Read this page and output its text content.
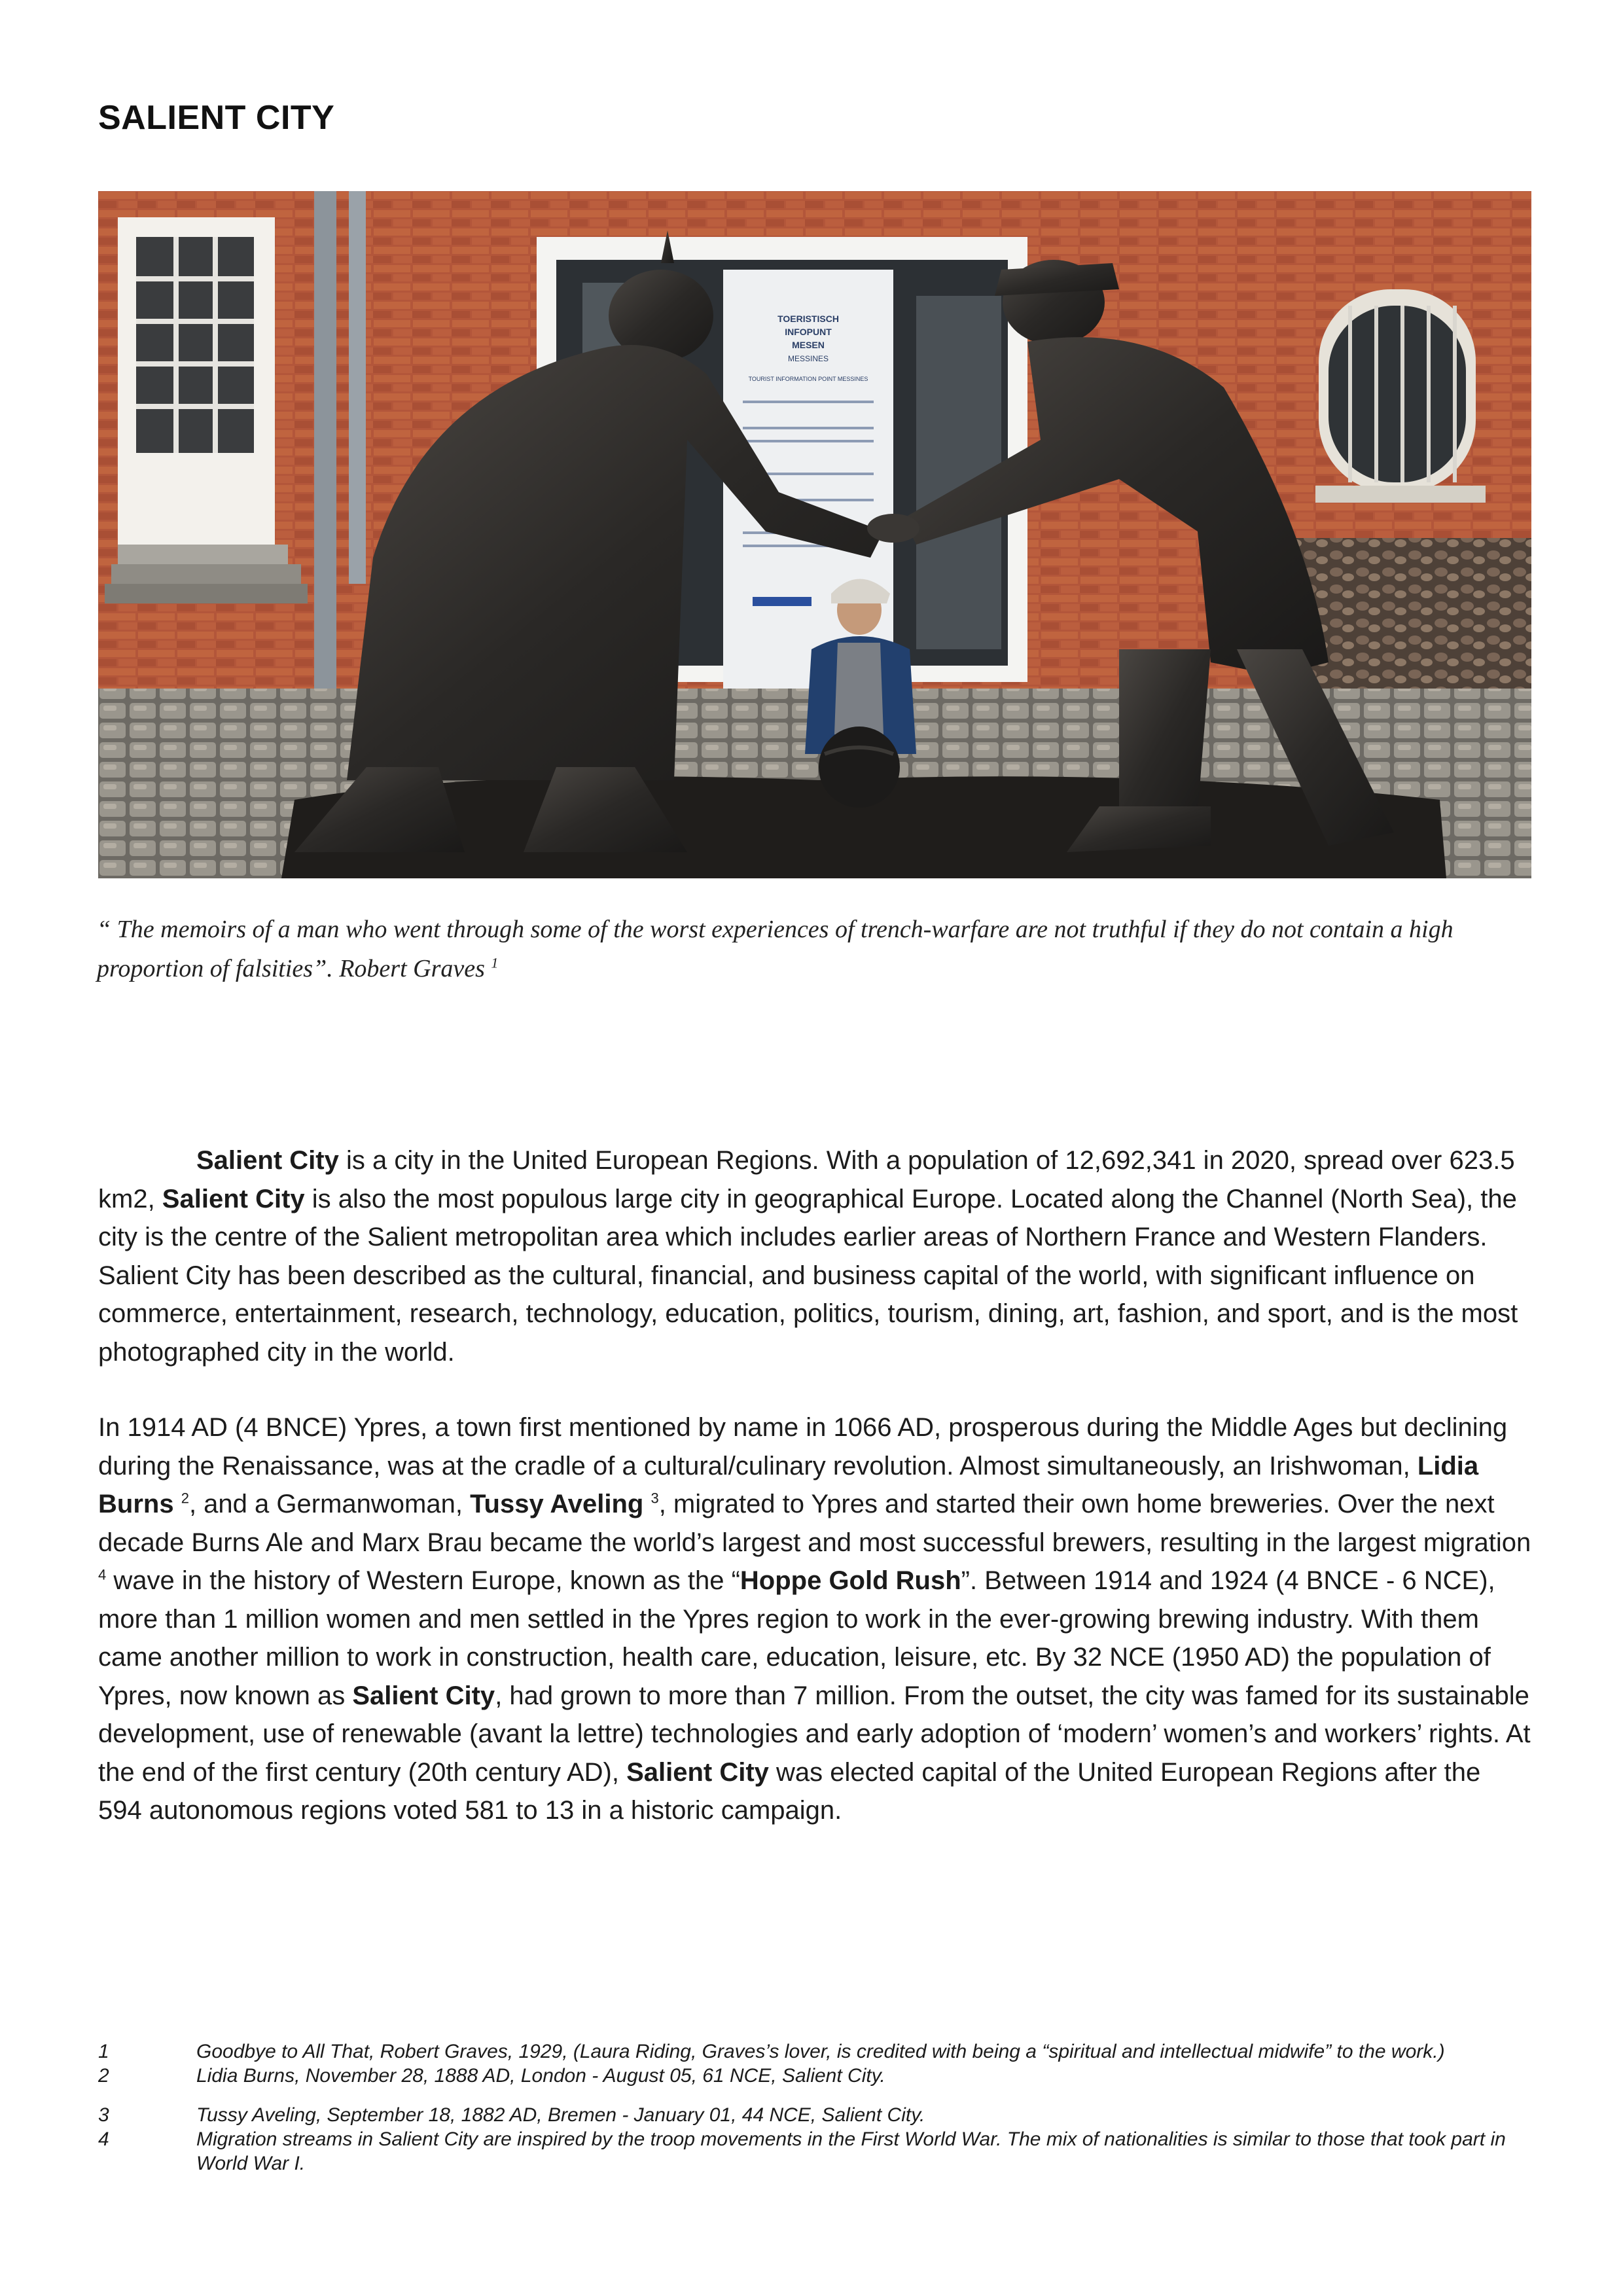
SALIENT CITY
TOERISTISCH
INFOPUNT
MESEN
MESSINES
TOURIST INFORMATION POINT MESSINES
“ The memoirs of a man who went through some of the worst experiences of trench-warfare are not truthful if they do not contain a high proportion of falsities”. Robert Graves $^1$
Salient City is a city in the United European Regions. With a population of 12,692,341 in 2020, spread over 623.5 km2, Salient City is also the most populous large city in geographical Europe. Located along the Channel (North Sea), the city is the centre of the Salient metropolitan area which includes earlier areas of Northern France and Western Flanders. Salient City has been described as the cultural, financial, and business capital of the world, with significant influence on commerce, entertainment, research, technology, education, politics, tourism, dining, art, fashion, and sport, and is the most photographed city in the world.
In 1914 AD (4 BNCE) Ypres, a town first mentioned by name in 1066 AD, prosperous during the Middle Ages but declining during the Renaissance, was at the cradle of a cultural/culinary revolution. Almost simultaneously, an Irishwoman, Lidia Burns $^2$, and a Germanwoman, Tussy Aveling $^3$, migrated to Ypres and started their own home breweries. Over the next decade Burns Ale and Marx Brau became the world’s largest and most successful brewers, resulting in the largest migration $^4$ wave in the history of Western Europe, known as the “Hoppe Gold Rush”. Between 1914 and 1924 (4 BNCE - 6 NCE), more than 1 million women and men settled in the Ypres region to work in the ever-growing brewing industry. With them came another million to work in construction, health care, education, leisure, etc. By 32 NCE (1950 AD) the population of Ypres, now known as Salient City, had grown to more than 7 million. From the outset, the city was famed for its sustainable development, use of renewable (avant la lettre) technologies and early adoption of ‘modern’ women’s and workers’ rights. At the end of the first century (20th century AD), Salient City was elected capital of the United European Regions after the 594 autonomous regions voted 581 to 13 in a historic campaign.
1	Goodbye to All That, Robert Graves, 1929, (Laura Riding, Graves’s lover, is credited with being a “spiritual and intellectual midwife” to the work.)
2	Lidia Burns, November 28, 1888 AD, London - August 05, 61 NCE, Salient City.
3	Tussy Aveling, September 18, 1882 AD, Bremen - January 01, 44 NCE, Salient City.
4	Migration streams in Salient City are inspired by the troop movements in the First World War. The mix of nationalities is similar to those that took part in World War I.
